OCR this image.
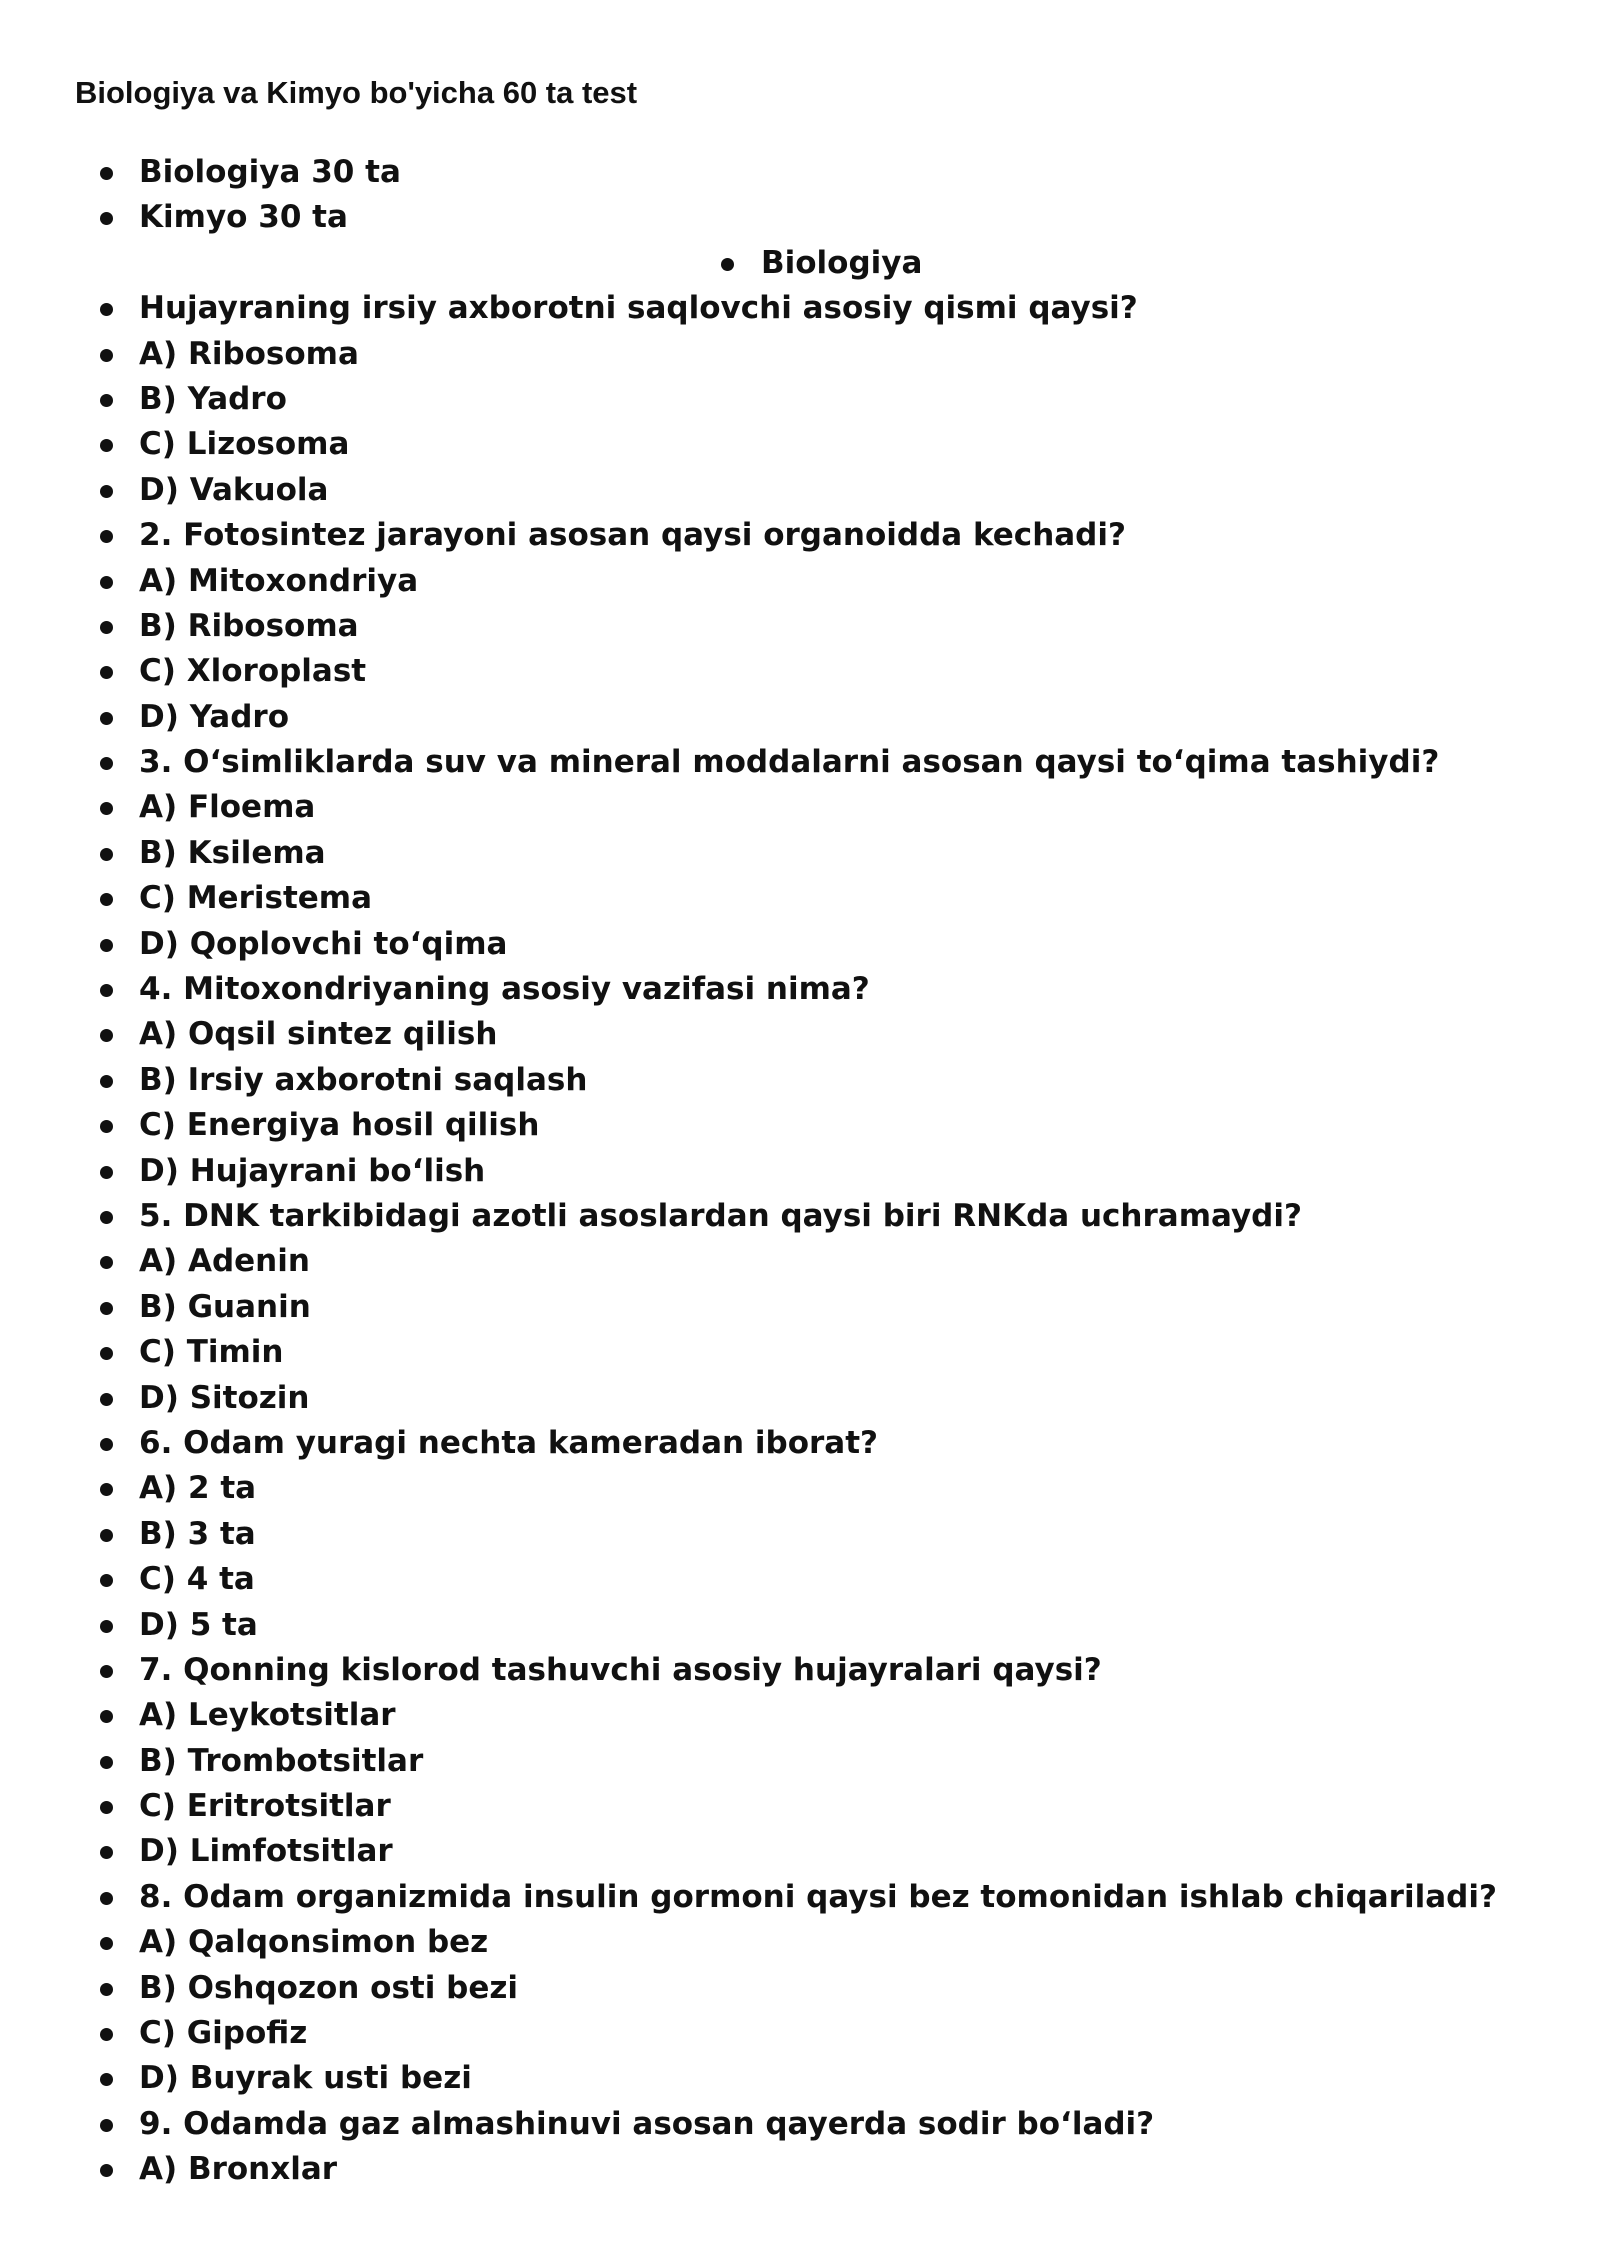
Biologiya va Kimyo bo'yicha 60 ta test
Biologiya 30 ta
Kimyo 30 ta
Biologiya
Hujayraning irsiy axborotni saqlovchi asosiy qismi qaysi?
A) Ribosoma
B) Yadro
C) Lizosoma
D) Vakuola
2. Fotosintez jarayoni asosan qaysi organoidda kechadi?
A) Mitoxondriya
B) Ribosoma
C) Xloroplast
D) Yadro
3. O‘simliklarda suv va mineral moddalarni asosan qaysi to‘qima tashiydi?
A) Floema
B) Ksilema
C) Meristema
D) Qoplovchi to‘qima
4. Mitoxondriyaning asosiy vazifasi nima?
A) Oqsil sintez qilish
B) Irsiy axborotni saqlash
C) Energiya hosil qilish
D) Hujayrani bo‘lish
5. DNK tarkibidagi azotli asoslardan qaysi biri RNKda uchramaydi?
A) Adenin
B) Guanin
C) Timin
D) Sitozin
6. Odam yuragi nechta kameradan iborat?
A) 2 ta
B) 3 ta
C) 4 ta
D) 5 ta
7. Qonning kislorod tashuvchi asosiy hujayralari qaysi?
A) Leykotsitlar
B) Trombotsitlar
C) Eritrotsitlar
D) Limfotsitlar
8. Odam organizmida insulin gormoni qaysi bez tomonidan ishlab chiqariladi?
A) Qalqonsimon bez
B) Oshqozon osti bezi
C) Gipofiz
D) Buyrak usti bezi
9. Odamda gaz almashinuvi asosan qayerda sodir bo‘ladi?
A) Bronxlar
